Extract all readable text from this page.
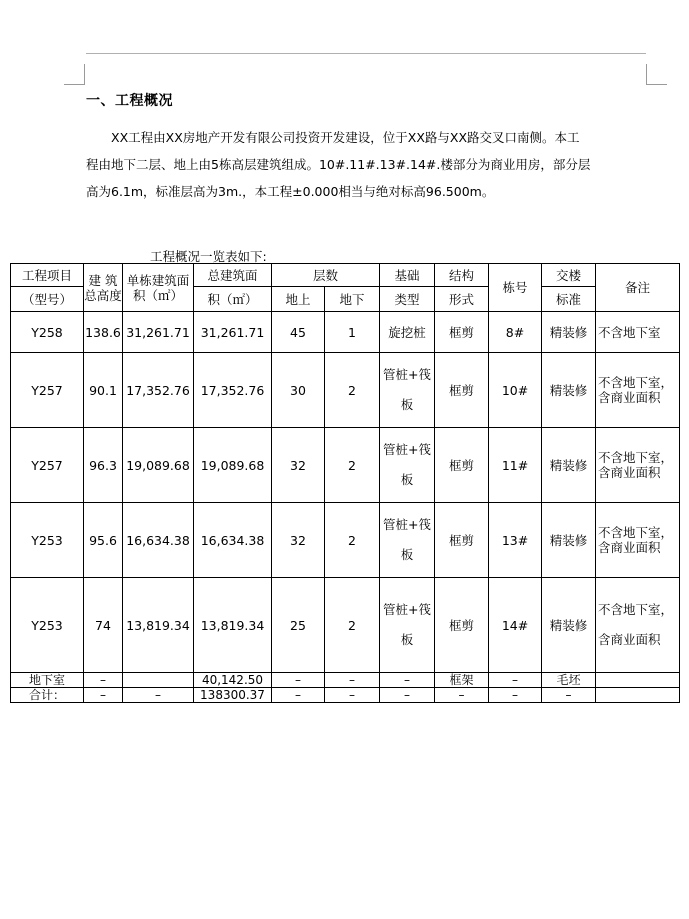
一、工程概况

XX工程由XX房地产开发有限公司投资开发建设，位于XX路与XX路交叉口南侧。本工

程由地下二层、地上由5栋高层建筑组成。10#.11#.13#.14#.楼部分为商业用房，部分层
高为6.1m，标准层高为3m.，本工程±0.000相当与绝对标高96.500m。
工程概况一览表如下:
工程项目	建 筑总高度	单栋建筑面 积（㎡）	总建筑面	层数		基础	结构	栋号	交楼	备注
（型号）			积（㎡）	地上	地下	类型	形式		标准	
Y258	138.6	31,261.71	31,261.71	45	1	旋挖桩	框剪	8#	精装修	不含地下室
Y257	90.1	17,352.76	17,352.76	30	2	管桩+筏板	框剪	10#	精装修	不含地下室，含商业面积
Y257	96.3	19,089.68	19,089.68	32	2	管桩+筏板	框剪	11#	精装修	不含地下室，含商业面积
Y253	95.6	16,634.38	16,634.38	32	2	管桩+筏板	框剪	13#	精装修	不含地下室，含商业面积
Y253	74	13,819.34	13,819.34	25	2	管桩+筏板	框剪	14#	精装修	不含地下室，含商业面积
地下室	–		40,142.50	–	–	–	框架	–	毛坯	
合计：	–	–	138300.37	–	–	–	–	–	–	
